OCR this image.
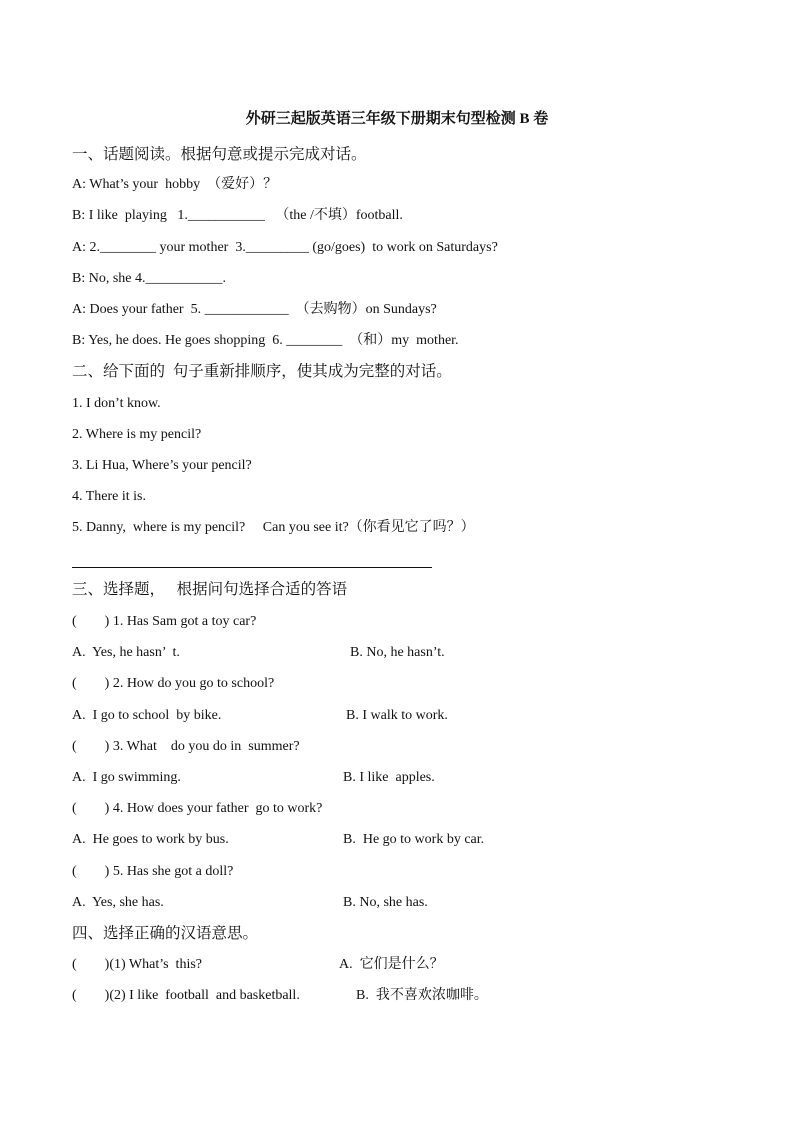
外研三起版英语三年级下册期末句型检测 B 卷
一、话题阅读。根据句意或提示完成对话。
A: What’s your  hobby  （爱好）？
B: I like  playing   1.___________   （the /不填）football.
A: 2.________ your mother  3._________ (go/goes)  to work on Saturdays?
B: No, she 4.___________.
A: Does your father  5. ____________  （去购物）on Sundays?
B: Yes, he does. He goes shopping  6. ________  （和）my  mother.
二、给下面的  句子重新排顺序，使其成为完整的对话。
1. I don’t know.
2. Where is my pencil?
3. Li Hua, Where’s your pencil?
4. There it is.
5. Danny,  where is my pencil?     Can you see it?（你看见它了吗？）
三、选择题，   根据问句选择合适的答语
(        ) 1. Has Sam got a toy car?
A.  Yes, he hasn’  t.	B. No, he hasn’t.
(        ) 2. How do you go to school?
A.  I go to school  by bike.	B. I walk to work.
(        ) 3. What    do you do in  summer?
A.  I go swimming.	B. I like  apples.
(        ) 4. How does your father  go to work?
A.  He goes to work by bus.	B.  He go to work by car.
(        ) 5. Has she got a doll?
A.  Yes, she has.	B. No, she has.
四、选择正确的汉语意思。
(        )(1) What’s  this?	A.  它们是什么？
(        )(2) I like  football  and basketball.	B.  我不喜欢浓咖啡。
